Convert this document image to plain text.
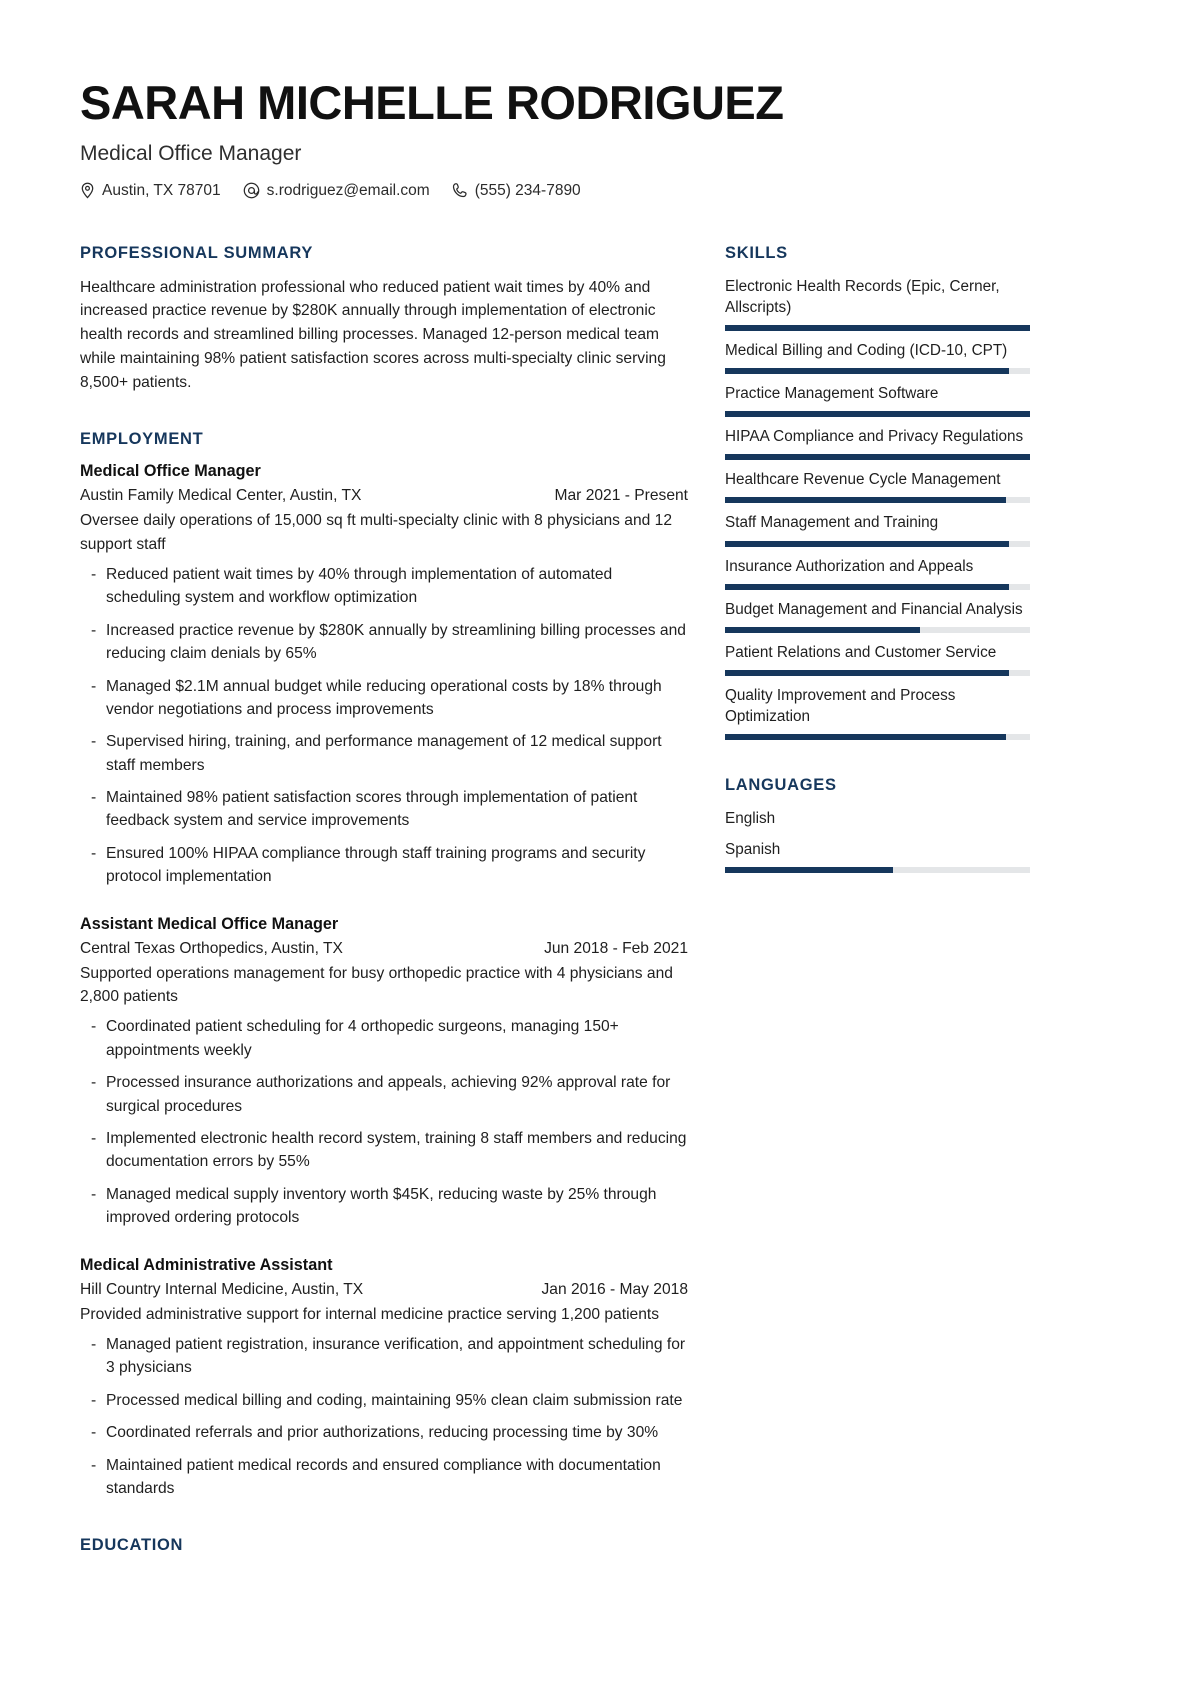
SARAH MICHELLE RODRIGUEZ
Medical Office Manager
Austin, TX 78701	s.rodriguez@email.com	(555) 234-7890
PROFESSIONAL SUMMARY
Healthcare administration professional who reduced patient wait times by 40% and increased practice revenue by $280K annually through implementation of electronic health records and streamlined billing processes. Managed 12-person medical team while maintaining 98% patient satisfaction scores across multi-specialty clinic serving 8,500+ patients.
EMPLOYMENT
Medical Office Manager
Austin Family Medical Center, Austin, TX	Mar 2021 - Present
Oversee daily operations of 15,000 sq ft multi-specialty clinic with 8 physicians and 12 support staff
- Reduced patient wait times by 40% through implementation of automated scheduling system and workflow optimization
- Increased practice revenue by $280K annually by streamlining billing processes and reducing claim denials by 65%
- Managed $2.1M annual budget while reducing operational costs by 18% through vendor negotiations and process improvements
- Supervised hiring, training, and performance management of 12 medical support staff members
- Maintained 98% patient satisfaction scores through implementation of patient feedback system and service improvements
- Ensured 100% HIPAA compliance through staff training programs and security protocol implementation
Assistant Medical Office Manager
Central Texas Orthopedics, Austin, TX	Jun 2018 - Feb 2021
Supported operations management for busy orthopedic practice with 4 physicians and 2,800 patients
- Coordinated patient scheduling for 4 orthopedic surgeons, managing 150+ appointments weekly
- Processed insurance authorizations and appeals, achieving 92% approval rate for surgical procedures
- Implemented electronic health record system, training 8 staff members and reducing documentation errors by 55%
- Managed medical supply inventory worth $45K, reducing waste by 25% through improved ordering protocols
Medical Administrative Assistant
Hill Country Internal Medicine, Austin, TX	Jan 2016 - May 2018
Provided administrative support for internal medicine practice serving 1,200 patients
- Managed patient registration, insurance verification, and appointment scheduling for 3 physicians
- Processed medical billing and coding, maintaining 95% clean claim submission rate
- Coordinated referrals and prior authorizations, reducing processing time by 30%
- Maintained patient medical records and ensured compliance with documentation standards
EDUCATION
SKILLS
Electronic Health Records (Epic, Cerner, Allscripts)
Medical Billing and Coding (ICD-10, CPT)
Practice Management Software
HIPAA Compliance and Privacy Regulations
Healthcare Revenue Cycle Management
Staff Management and Training
Insurance Authorization and Appeals
Budget Management and Financial Analysis
Patient Relations and Customer Service
Quality Improvement and Process Optimization
LANGUAGES
English
Spanish
